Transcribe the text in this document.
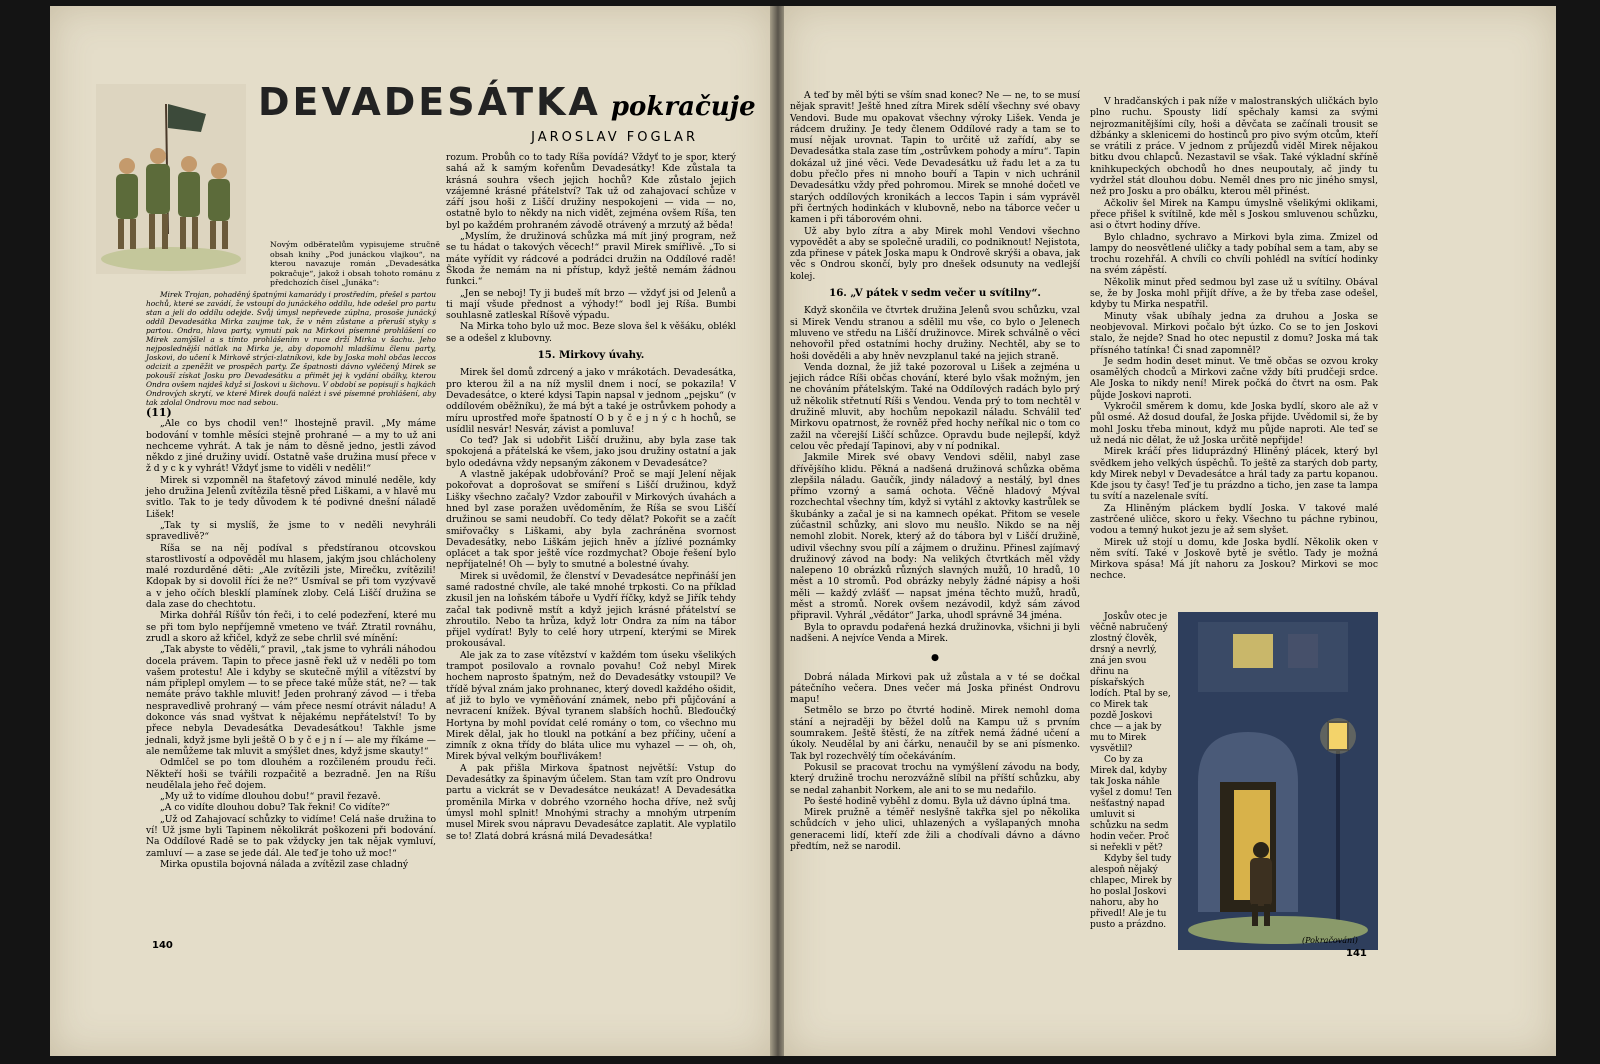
DEVADESÁTKA pokračuje
JAROSLAV FOGLAR
Novým odběratelům vypisujeme stručně obsah knihy „Pod junáckou vlajkou“, na kterou navazuje román „Devadesátka pokračuje“, jakož i obsah tohoto románu z předchozích čísel „Junáka“:

Mirek Trojan, pohaděný špatnými kamarády i prostředím, přešel s partou hochů, které se zavádí, že vstoupí do junáckého oddílu, hde odešel pro partu stan a jeli do oddílu odejde. Svůj úmysl nepřevede zúplna, prosoše junácký oddíl Devadesátka Mirka zaujme tak, že v něm zůstane a přeruší styky s partou. Ondra, hlava party, vymutí pak na Mirkovi písemné prohlášení co Mirek zamýšlel a s tímto prohlášením v ruce drží Mirka v šachu. Jeho nejposlednější nátlak na Mirka je, aby dopomohl mladšímu členu party, Joskovi, do učení k Mirkově strýci-zlatníkovi, kde by Joska mohl občas leccos odcizit a zpeněžit ve prospěch party. Ze špatnosti dávno vyléčený Mirek se pokouší získat Josku pro Devadesátku a přimět jej k vydání obálky, kterou Ondra ovšem najdeš když si Joskovi u šichovu. V období se popisují s hajkách Ondrových skrytí, ve které Mirek doufá nalézt i své písemné prohlášení, aby tak zdolal Ondrovu moc nad sebou.

(11)

„Ale co bys chodil ven!“ lhostejně pravil. „My máme bodování v tomhle měsíci stejně prohrané — a my to už ani nechceme vyhrát. A tak je nám to děsně jedno, jestli závod někdo z jiné družiny uvidí. Ostatně vaše družina musí přece v ž d y c k y vyhrát! Vždyť jsme to viděli v neděli!“

Mirek si vzpomněl na štafetový závod minulé neděle, kdy jeho družina Jelenů zvítězila těsně před Liškami, a v hlavě mu svitlo. Tak to je tedy důvodem k té podivné dnešní náladě Lišek!

„Tak ty si myslíš, že jsme to v neděli nevyhráli spravedlivě?“

Ríša se na něj podíval s předstíranou otcovskou starostlivostí a odpověděl mu hlasem, jakým jsou chlácholeny malé rozdurděné děti: „Ale zvítězili jste, Mirečku, zvítězili! Kdopak by si dovolil říci že ne?“ Usmíval se při tom vyzývavě a v jeho očích blesklí plamínek zloby. Celá Liščí družina se dala zase do chechtotu.

Mirka dohřál Ríšův tón řeči, i to celé podezření, které mu se při tom bylo nepříjemně vmeteno ve tvář. Ztratil rovnáhu, zrudl a skoro až křičel, když ze sebe chrlil své mínění:

„Tak abyste to věděli,“ pravil, „tak jsme to vyhráli náhodou docela právem. Tapin to přece jasně řekl už v neděli po tom vašem protestu! Ale i kdyby se skutečně mýlil a vítězství by nám připlepl omylem — to se přece také může stát, ne? — tak nemáte právo takhle mluvit! Jeden prohraný závod — i třeba nespravedlivě prohraný — vám přece nesmí otrávit náladu! A dokonce vás snad vyštvat k nějakému nepřátelství! To by přece nebyla Devadesátka Devadesátkou! Takhle jsme jednali, když jsme byli ještě O b y č e j n í — ale my říkáme — ale nemůžeme tak mluvit a smýšlet dnes, když jsme skauty!“

Odmlčel se po tom dlouhém a rozčileném proudu řeči. Někteří hoši se tvářili rozpačitě a bezradně. Jen na Ríšu neudělala jeho řeč dojem.

„My už to vidíme dlouhou dobu!“ pravil řezavě.

„A co vidíte dlouhou dobu? Tak řekni! Co vidíte?“

„Už od Zahajovací schůzky to vidíme! Celá naše družina to ví! Už jsme byli Tapinem několikrát poškozeni při bodování. Na Oddílové Radě se to pak vždycky jen tak nějak vymluví, zamluví — a zase se jede dál. Ale teď je toho už moc!“

Mirka opustila bojovná nálada a zvítězil zase chladný

rozum. Probůh co to tady Ríša povídá? Vždyť to je spor, který sahá až k samým kořenům Devadesátky! Kde zůstala ta krásná souhra všech jejich hochů? Kde zůstalo jejich vzájemné krásné přátelství? Tak už od zahajovací schůze v září jsou hoši z Liščí družiny nespokojeni — vida — no, ostatně bylo to někdy na nich vidět, zejména ovšem Ríša, ten byl po každém prohraném závodě otrávený a mrzutý až běda!

„Myslím, že družinová schůzka má mít jiný program, než se tu hádat o takových věcech!“ pravil Mirek smířlivě. „To si máte vyřídit vy rádcové a podrádci družin na Oddílové radě! Škoda že nemám na ni přístup, když ještě nemám žádnou funkci.“

„Jen se neboj! Ty ji budeš mít brzo — vždyť jsi od Jelenů a ti mají všude přednost a výhody!“ bodl jej Ríša. Bumbi souhlasně zatleskal Ríšově výpadu.

Na Mirka toho bylo už moc. Beze slova šel k věšáku, oblékl se a odešel z klubovny.

15. Mirkovy úvahy.

Mirek šel domů zdrcený a jako v mrákotách. Devadesátka, pro kterou žil a na níž myslil dnem i nocí, se pokazila! V Devadesátce, o které kdysi Tapin napsal v jednom „pejsku“ (v oddílovém oběžníku), že má být a také je ostrůvkem pohody a míru uprostřed moře špatností O b y č e j n ý c h hochů, se usídlil nesvár! Nesvár, závist a pomluva!

Co teď? Jak si udobřit Liščí družinu, aby byla zase tak spokojená a přátelská ke všem, jako jsou družiny ostatní a jak bylo odedávna vždy nepsaným zákonem v Devadesátce?

A vlastně jaképak udobřování? Proč se mají Jelení nějak pokořovat a doprošovat se smíření s Liščí družinou, když Lišky všechno začaly? Vzdor zabouřil v Mirkových úvahách a hned byl zase poražen uvědoměním, že Ríša se svou Liščí družinou se sami neudobří. Co tedy dělat? Pokořit se a začít smiřovačky s Liškami, aby byla zachráněna svornost Devadesátky, nebo Liškám jejich hněv a jízlivé poznámky oplácet a tak spor ještě více rozdmychat? Oboje řešení bylo nepříjatelné! Oh — byly to smutné a bolestné úvahy.

Mirek si uvědomil, že členství v Devadesátce nepřináší jen samé radostné chvíle, ale také mnohé trpkosti. Co na příklad zkusil jen na loňském táboře u Vydří říčky, když se Jiřík tehdy začal tak podivně mstít a když jejich krásné přátelství se zhroutilo. Nebo ta hrůza, když lotr Ondra za ním na tábor přijel vydírat! Byly to celé hory utrpení, kterými se Mirek prokousával.

Ale jak za to zase vítězství v každém tom úseku všelikých trampot posilovalo a rovnalo povahu! Což nebyl Mirek hochem naprosto špatným, než do Devadesátky vstoupil? Ve třídě býval znám jako prohnanec, který dovedl každého ošidit, ať již to bylo ve vyměňování známek, nebo při půjčování a nevracení knížek. Býval tyranem slabších hochů. Bleďoučký Hortyna by mohl povídat celé romány o tom, co všechno mu Mirek dělal, jak ho tloukl na potkání a bez příčiny, učení a zimník z okna třídy do bláta ulice mu vyhazel — — oh, oh, Mirek býval velkým bouřlivákem!

A pak přišla Mirkova špatnost největší: Vstup do Devadesátky za špinavým účelem. Stan tam vzít pro Ondrovu partu a vickrát se v Devadesátce neukázat! A Devadesátka proměnila Mirka v dobrého vzorného hocha dříve, než svůj úmysl mohl splnit! Mnohými strachy a mnohým utrpením musel Mirek svou nápravu Devadesátce zaplatit. Ale vyplatilo se to! Zlatá dobrá krásná milá Devadesátka!

140

A teď by měl býti se vším snad konec? Ne — ne, to se musí nějak spravit! Ještě hned zítra Mirek sdělí všechny své obavy Vendovi. Bude mu opakovat všechny výroky Lišek. Venda je rádcem družiny. Je tedy členem Oddílové rady a tam se to musí nějak urovnat. Tapin to určitě už zařídí, aby se Devadesátka stala zase tím „ostrůvkem pohody a míru“. Tapin dokázal už jiné věci. Vede Devadesátku už řadu let a za tu dobu přečlo přes ni mnoho bouří a Tapin v nich uchránil Devadesátku vždy před pohromou. Mirek se mnohé dočetl ve starých oddílových kronikách a leccos Tapin i sám vyprávěl při čertných hodinkách v klubovně, nebo na táborce večer u kamen i při táborovém ohni.

Už aby bylo zítra a aby Mirek mohl Vendovi všechno vypovědět a aby se společně uradili, co podniknout! Nejistota, zda přinese v pátek Joska mapu k Ondrově skrýši a obava, jak věc s Ondrou skončí, byly pro dnešek odsunuty na vedlejší kolej.

16. „V pátek v sedm večer u svítilny“.

Když skončila ve čtvrtek družina Jelenů svou schůzku, vzal si Mirek Vendu stranou a sdělil mu vše, co bylo o Jelenech mluveno ve středu na Liščí družinovce. Mirek schválně o věci nehovořil před ostatními hochy družiny. Nechtěl, aby se to hoši dověděli a aby hněv nevzplanul také na jejich straně.

Venda doznal, že již také pozoroval u Lišek a zejména u jejich rádce Ríši občas chování, které bylo však možným, jen ne chováním přátelským. Také na Oddílových radách bylo prý už několik střetnutí Ríši s Vendou. Venda prý to tom nechtěl v družině mluvit, aby hochům nepokazil náladu. Schválil teď Mirkovu opatrnost, že rovněž před hochy neříkal nic o tom co zažil na včerejší Liščí schůzce. Opravdu bude nejlepší, když celou věc předají Tapinovi, aby v ní podnikal.

Jakmile Mirek své obavy Vendovi sdělil, nabyl zase dřívějšího klidu. Pěkná a nadšená družinová schůzka oběma zlepšila náladu. Gaučík, jindy náladový a nestálý, byl dnes přímo vzorný a samá ochota. Věčně hladový Mýval rozchechtal všechny tím, když si vytáhl z aktovky kastrůlek se škubánky a začal je si na kamnech opékat. Přitom se vesele zúčastnil schůzky, ani slovo mu neušlo. Nikdo se na něj nemohl zlobit. Norek, který až do tábora byl v Liščí družině, udivil všechny svou pílí a zájmem o družinu. Přinesl zajímavý družinový závod na body: Na velikých čtvrtkách měl vždy nalepeno 10 obrázků různých slavných mužů, 10 hradů, 10 měst a 10 stromů. Pod obrázky nebyly žádné nápisy a hoši měli — každý zvlášť — napsat jména těchto mužů, hradů, měst a stromů. Norek ovšem nezávodil, když sám závod připravil. Vyhrál „vědátor“ Jarka, uhodl správně 34 jména.

Byla to opravdu podařená hezká družinovka, všichni ji byli nadšeni. A nejvíce Venda a Mirek.

●

Dobrá nálada Mirkovi pak už zůstala a v té se dočkal pátečního večera. Dnes večer má Joska přinést Ondrovu mapu!

Setmělo se brzo po čtvrté hodině. Mirek nemohl doma stání a nejraději by běžel dolů na Kampu už s prvním soumrakem. Ještě štěstí, že na zítřek nemá žádné učení a úkoly. Neudělal by ani čárku, nenaučil by se ani písmenko. Tak byl rozechvělý tím očekáváním.

Pokusil se pracovat trochu na vymýšlení závodu na body, který družině trochu nerozvážně slíbil na příští schůzku, aby se nedal zahanbit Norkem, ale ani to se mu nedařilo.

Po šesté hodině vyběhl z domu. Byla už dávno úplná tma.

Mirek pružně a téměř neslyšně takřka sjel po několika schůdcích v jeho ulici, uhlazených a vyšlapaných mnoha generacemi lidí, kteří zde žili a chodívali dávno a dávno předtím, než se narodil.

V hradčanských i pak níže v malostranských uličkách bylo plno ruchu. Spousty lidí spěchaly kamsi za svými nejrozmanitějšími cíly, hoši a děvčata se začínali trousit se džbánky a sklenicemi do hostinců pro pivo svým otcům, kteří se vrátili z práce. V jednom z průjezdů viděl Mirek nějakou bitku dvou chlapců. Nezastavil se však. Také výkladní skříně knihkupeckých obchodů ho dnes neupoutaly, ač jindy tu vydržel stát dlouhou dobu. Neměl dnes pro nic jiného smysl, než pro Josku a pro obálku, kterou měl přinést.

Ačkoliv šel Mirek na Kampu úmyslně všelikými oklikami, přece přišel k svítilně, kde měl s Joskou smluvenou schůzku, asi o čtvrt hodiny dříve.

Bylo chladno, sychravo a Mirkovi byla zima. Zmizel od lampy do neosvětlené uličky a tady pobíhal sem a tam, aby se trochu rozehřál. A chvíli co chvíli pohlédl na svítící hodinky na svém zápěstí.

Několik minut před sedmou byl zase už u svítilny. Obával se, že by Joska mohl přijít dříve, a že by třeba zase odešel, kdyby tu Mirka nespatřil.

Minuty však ubíhaly jedna za druhou a Joska se neobjevoval. Mirkovi počalo být úzko. Co se to jen Joskovi stalo, že nejde? Snad ho otec nepustil z domu? Joska má tak přísného tatínka! Či snad zapomněl?

Je sedm hodin deset minut. Ve tmě občas se ozvou kroky osamělých chodců a Mirkovi začne vždy bíti prudčeji srdce. Ale Joska to nikdy není! Mirek počká do čtvrt na osm. Pak půjde Joskovi naproti.

Vykročil směrem k domu, kde Joska bydlí, skoro ale až v půl osmé. Až dosud doufal, že Joska přijde. Uvědomil si, že by mohl Josku třeba minout, když mu půjde naproti. Ale teď se už nedá nic dělat, že už Joska určitě nepřijde!

Mirek kráčí přes liduprázdný Hliněný plácek, který byl svědkem jeho velkých úspěchů. To ještě za starých dob party, kdy Mirek nebyl v Devadesátce a hrál tady za partu kopanou. Kde jsou ty časy! Teď je tu prázdno a ticho, jen zase ta lampa tu svítí a nazelenale svítí.

Za Hliněným pláckem bydlí Joska. V takové malé zastrčené uličce, skoro u řeky. Všechno tu páchne rybinou, vodou a temný hukot jezu je až sem slyšet.

Mirek už stojí u domu, kde Joska bydlí. Několik oken v něm svítí. Také v Joskově bytě je světlo. Tady je možná Mirkova spása! Má jít nahoru za Joskou? Mirkovi se moc nechce.

Joskův otec je věčně nabručený zlostný člověk, drsný a nevrlý, zná jen svou dřinu na pískařských lodích. Ptal by se, co Mirek tak pozdě Joskovi chce — a jak by mu to Mirek vysvětlil?

Co by za Mirek dal, kdyby tak Joska náhle vyšel z domu! Ten nešťastný napad umluvit si schůzku na sedm hodin večer. Proč si neřekli v pět?

Kdyby šel tudy alespoň nějaký chlapec, Mirek by ho poslal Joskovi nahoru, aby ho přivedl! Ale je tu pusto a prázdno.

(Pokračování)
141
